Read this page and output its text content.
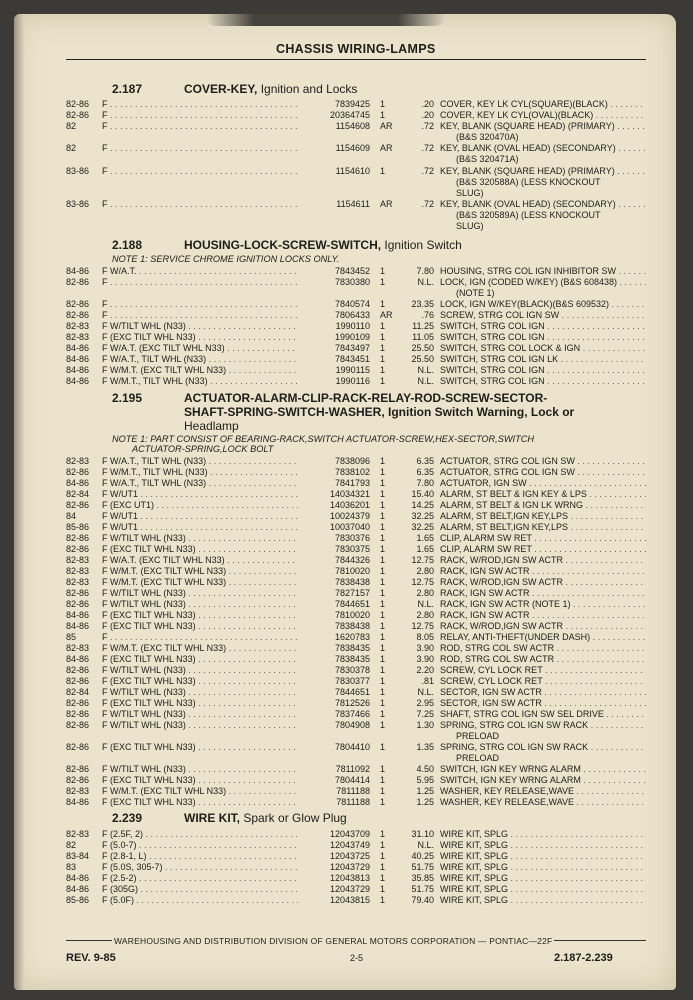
CHASSIS WIRING-LAMPS
WAREHOUSING AND DISTRIBUTION DIVISION OF GENERAL MOTORS CORPORATION — PONTIAC—22F
REV. 9-85	2-5	2.187-2.239
2.187	COVER-KEY, Ignition and Locks
82-86 F . . .	7839425 1	.20 COVER, KEY LK CYL(SQUARE)(BLACK) . . .
82-86 F . . .	20364745 1	.20 COVER, KEY LK CYL(OVAL)(BLACK) . . .
82	F . . .	1154608 AR	.72 KEY, BLANK (SQUARE HEAD) (PRIMARY) . . .
(B&S 320470A)
82	F . . .	1154609 AR	.72 KEY, BLANK (OVAL HEAD) (SECONDARY) . . .
(B&S 320471A)
83-86 F . . .	1154610 1	.72 KEY, BLANK (SQUARE HEAD) (PRIMARY) . . .
(B&S 320588A) (LESS KNOCKOUT
SLUG)
83-86 F . . .	1154611 AR	.72 KEY, BLANK (OVAL HEAD) (SECONDARY) . . .
(B&S 320589A) (LESS KNOCKOUT
SLUG)
2.188	HOUSING-LOCK-SCREW-SWITCH, Ignition Switch
NOTE 1: SERVICE CHROME IGNITION LOCKS ONLY.
84-86 F W/A.T. . . .	7843452 1	7.80 HOUSING, STRG COL IGN INHIBITOR SW . . .
82-86 F . . .	7830380 1	N.L. LOCK, IGN (CODED W/KEY) (B&S 608438) . . .
(NOTE 1)
82-86 F . . .	7840574 1	23.35 LOCK, IGN W/KEY(BLACK)(B&S 609532) . . .
82-86 F . . .	7806433 AR	.76 SCREW, STRG COL IGN SW . . .
82-83 F W/TILT WHL (N33) . . .	1990110 1	11.25 SWITCH, STRG COL IGN . . .
82-83 F (EXC TILT WHL N33) . . .	1990109 1	11.05 SWITCH, STRG COL IGN . . .
84-86 F W/A.T. (EXC TILT WHL N33) . . .	7843497 1	25.50 SWITCH, STRG COL LOCK & IGN . . .
84-86 F W/A.T., TILT WHL (N33) . . .	7843451 1	25.50 SWITCH, STRG COL IGN LK . . .
84-86 F W/M.T. (EXC TILT WHL N33) . . .	1990115 1	N.L. SWITCH, STRG COL IGN . . .
84-86 F W/M.T., TILT WHL (N33) . . .	1990116 1	N.L. SWITCH, STRG COL IGN . . .
2.195	ACTUATOR-ALARM-CLIP-RACK-RELAY-ROD-SCREW-SECTOR-
SHAFT-SPRING-SWITCH-WASHER, Ignition Switch Warning, Lock or
Headlamp
NOTE 1: PART CONSIST OF BEARING-RACK,SWITCH ACTUATOR-SCREW,HEX-SECTOR,SWITCH
ACTUATOR-SPRING,LOCK BOLT
82-83 F W/A.T., TILT WHL (N33) . . .	7838096 1	6.35 ACTUATOR, STRG COL IGN SW . . .
82-86 F W/M.T., TILT WHL (N33) . . .	7838102 1	6.35 ACTUATOR, STRG COL IGN SW . . .
84-86 F W/A.T., TILT WHL (N33) . . .	7841793 1	7.80 ACTUATOR, IGN SW . . .
82-84 F W/UT1 . . .	14034321 1	15.40 ALARM, ST BELT & IGN KEY & LPS . . .
82-86 F (EXC UT1) . . .	14036201 1	14.25 ALARM, ST BELT & IGN LK WRNG . . .
84	F W/UT1 . . .	10024379 1	32.25 ALARM, ST BELT,IGN KEY,LPS . . .
85-86 F W/UT1 . . .	10037040 1	32.25 ALARM, ST BELT,IGN KEY,LPS . . .
82-86 F W/TILT WHL (N33) . . .	7830376 1	1.65 CLIP, ALARM SW RET . . .
82-86 F (EXC TILT WHL N33) . . .	7830375 1	1.65 CLIP, ALARM SW RET . . .
82-83 F W/A.T. (EXC TILT WHL N33) . . .	7844326 1	12.75 RACK, W/ROD,IGN SW ACTR . . .
82-83 F W/M.T. (EXC TILT WHL N33) . . .	7810020 1	2.80 RACK, IGN SW ACTR . . .
82-83 F W/M.T. (EXC TILT WHL N33) . . .	7838438 1	12.75 RACK, W/ROD,IGN SW ACTR . . .
82-86 F W/TILT WHL (N33) . . .	7827157 1	2.80 RACK, IGN SW ACTR . . .
82-86 F W/TILT WHL (N33) . . .	7844651 1	N.L. RACK, IGN SW ACTR (NOTE 1) . . .
84-86 F (EXC TILT WHL N33) . . .	7810020 1	2.80 RACK, IGN SW ACTR . . .
84-86 F (EXC TILT WHL N33) . . .	7838438 1	12.75 RACK, W/ROD,IGN SW ACTR . . .
85	F . . .	1620783 1	8.05 RELAY, ANTI-THEFT(UNDER DASH) . . .
82-83 F W/M.T. (EXC TILT WHL N33) . . .	7838435 1	3.90 ROD, STRG COL SW ACTR . . .
84-86 F (EXC TILT WHL N33) . . .	7838435 1	3.90 ROD, STRG COL SW ACTR . . .
82-86 F W/TILT WHL (N33) . . .	7830378 1	2.20 SCREW, CYL LOCK RET . . .
82-86 F (EXC TILT WHL N33) . . .	7830377 1	.81 SCREW, CYL LOCK RET . . .
82-84 F W/TILT WHL (N33) . . .	7844651 1	N.L. SECTOR, IGN SW ACTR . . .
82-86 F (EXC TILT WHL N33) . . .	7812526 1	2.95 SECTOR, IGN SW ACTR . . .
82-86 F W/TILT WHL (N33) . . .	7837466 1	7.25 SHAFT, STRG COL IGN SW SEL DRIVE . . .
82-86 F W/TILT WHL (N33) . . .	7804908 1	1.30 SPRING, STRG COL IGN SW RACK . . .
PRELOAD
82-86 F (EXC TILT WHL N33) . . .	7804410 1	1.35 SPRING, STRG COL IGN SW RACK . . .
PRELOAD
82-86 F W/TILT WHL (N33) . . .	7811092 1	4.50 SWITCH, IGN KEY WRNG ALARM . . .
82-86 F (EXC TILT WHL N33) . . .	7804414 1	5.95 SWITCH, IGN KEY WRNG ALARM . . .
82-83 F W/M.T. (EXC TILT WHL N33) . . .	7811188 1	1.25 WASHER, KEY RELEASE,WAVE . . .
84-86 F (EXC TILT WHL N33) . . .	7811188 1	1.25 WASHER, KEY RELEASE,WAVE . . .
2.239	WIRE KIT, Spark or Glow Plug
82-83 F (2.5F, 2) . . .	12043709 1	31.10 WIRE KIT, SPLG . . .
82	F (5.0-7) . . .	12043749 1	N.L. WIRE KIT, SPLG . . .
83-84 F (2.8-1, L) . . .	12043725 1	40.25 WIRE KIT, SPLG . . .
83	F (5.0S, 305-7) . . .	12043729 1	51.75 WIRE KIT, SPLG . . .
84-86 F (2.5-2) . . .	12043813 1	35.85 WIRE KIT, SPLG . . .
84-86 F (305G) . . .	12043729 1	51.75 WIRE KIT, SPLG . . .
85-86 F (5.0F) . . .	12043815 1	79.40 WIRE KIT, SPLG . . .
